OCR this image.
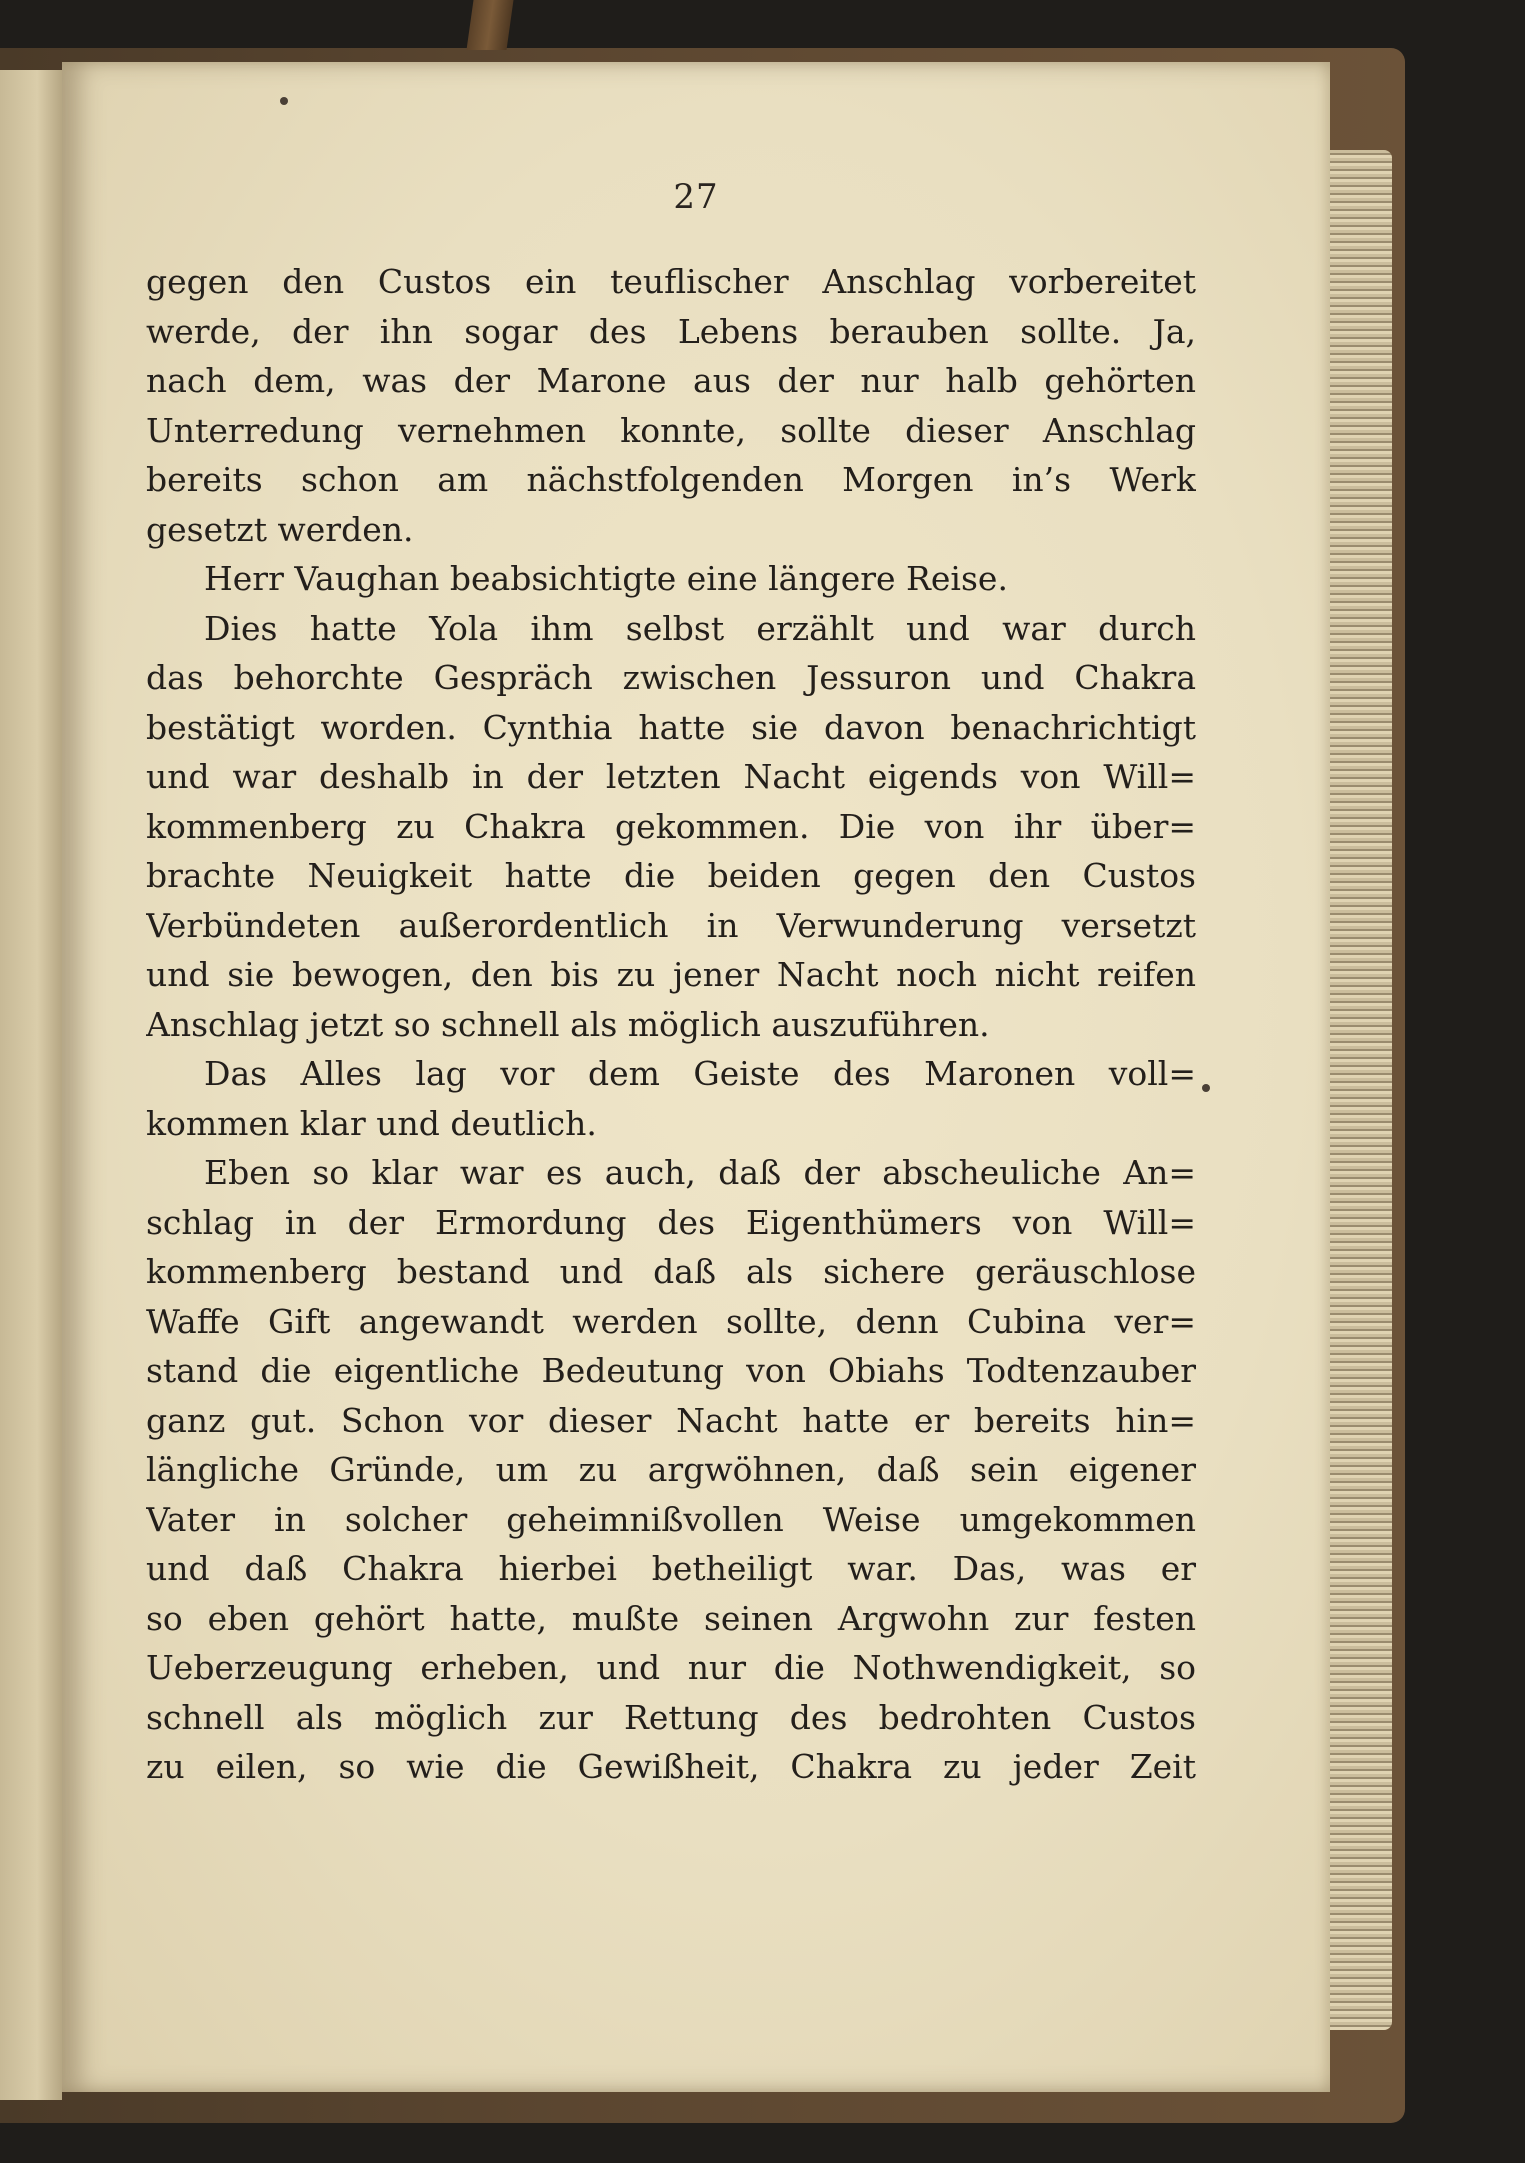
27
gegen den Custos ein teuflischer Anschlag vorbereitet
werde, der ihn sogar des Lebens berauben sollte. Ja,
nach dem, was der Marone aus der nur halb gehörten
Unterredung vernehmen konnte, sollte dieser Anschlag
bereits schon am nächstfolgenden Morgen in’s Werk
gesetzt werden.
Herr Vaughan beabsichtigte eine längere Reise.
Dies hatte Yola ihm selbst erzählt und war durch
das behorchte Gespräch zwischen Jessuron und Chakra
bestätigt worden. Cynthia hatte sie davon benachrichtigt
und war deshalb in der letzten Nacht eigends von Will=
kommenberg zu Chakra gekommen. Die von ihr über=
brachte Neuigkeit hatte die beiden gegen den Custos
Verbündeten außerordentlich in Verwunderung versetzt
und sie bewogen, den bis zu jener Nacht noch nicht reifen
Anschlag jetzt so schnell als möglich auszuführen.
Das Alles lag vor dem Geiste des Maronen voll=
kommen klar und deutlich.
Eben so klar war es auch, daß der abscheuliche An=
schlag in der Ermordung des Eigenthümers von Will=
kommenberg bestand und daß als sichere geräuschlose
Waffe Gift angewandt werden sollte, denn Cubina ver=
stand die eigentliche Bedeutung von Obiahs Todtenzauber
ganz gut. Schon vor dieser Nacht hatte er bereits hin=
längliche Gründe, um zu argwöhnen, daß sein eigener
Vater in solcher geheimnißvollen Weise umgekommen
und daß Chakra hierbei betheiligt war. Das, was er
so eben gehört hatte, mußte seinen Argwohn zur festen
Ueberzeugung erheben, und nur die Nothwendigkeit, so
schnell als möglich zur Rettung des bedrohten Custos
zu eilen, so wie die Gewißheit, Chakra zu jeder Zeit
